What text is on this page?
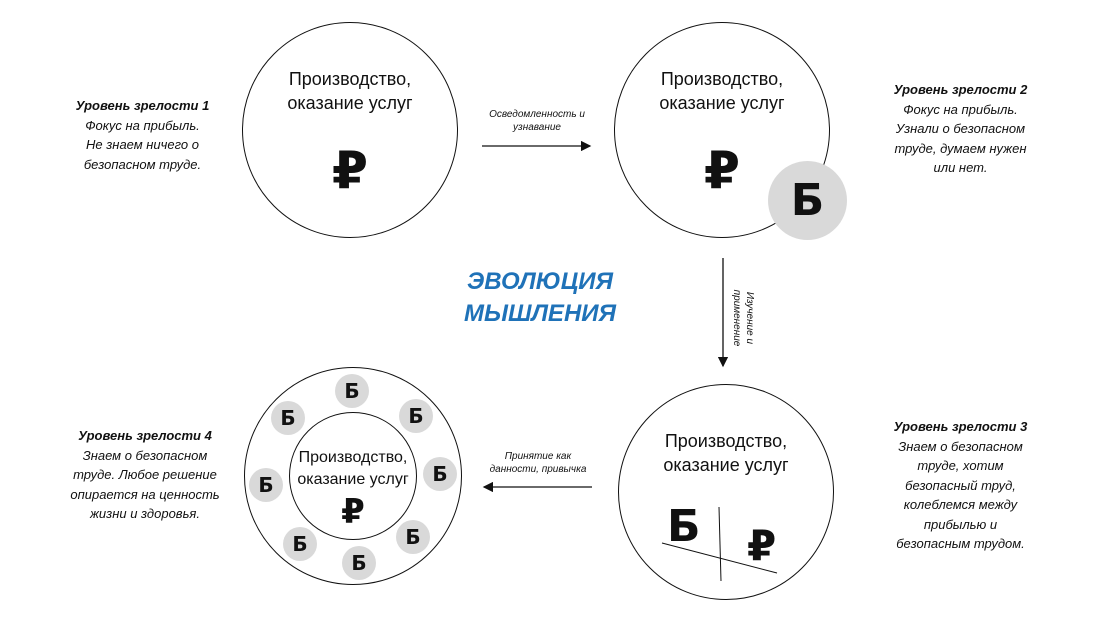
Производство,
оказание услуг
₽
Производство,
оказание услуг
₽	Ƃ
Производство,
оказание услуг
Ƃ ₽
Производство,
оказание услуг
₽
Ƃ
Ƃ
Ƃ
Ƃ
Ƃ
Ƃ
Ƃ
Ƃ
ЭВОЛЮЦИЯ
МЫШЛЕНИЯ
Осведомленность и
узнавание
Изучение и
применение
Принятие как
данности, привычка
Уровень зрелости 1
Фокус на прибыль.
Не знаем ничего о
безопасном труде.
Уровень зрелости 2
Фокус на прибыль.
Узнали о безопасном
труде, думаем нужен
или нет.
Уровень зрелости 3
Знаем о безопасном
труде, хотим
безопасный труд,
колеблемся между
прибылью и
безопасным трудом.
Уровень зрелости 4
Знаем о безопасном
труде. Любое решение
опирается на ценность
жизни и здоровья.
